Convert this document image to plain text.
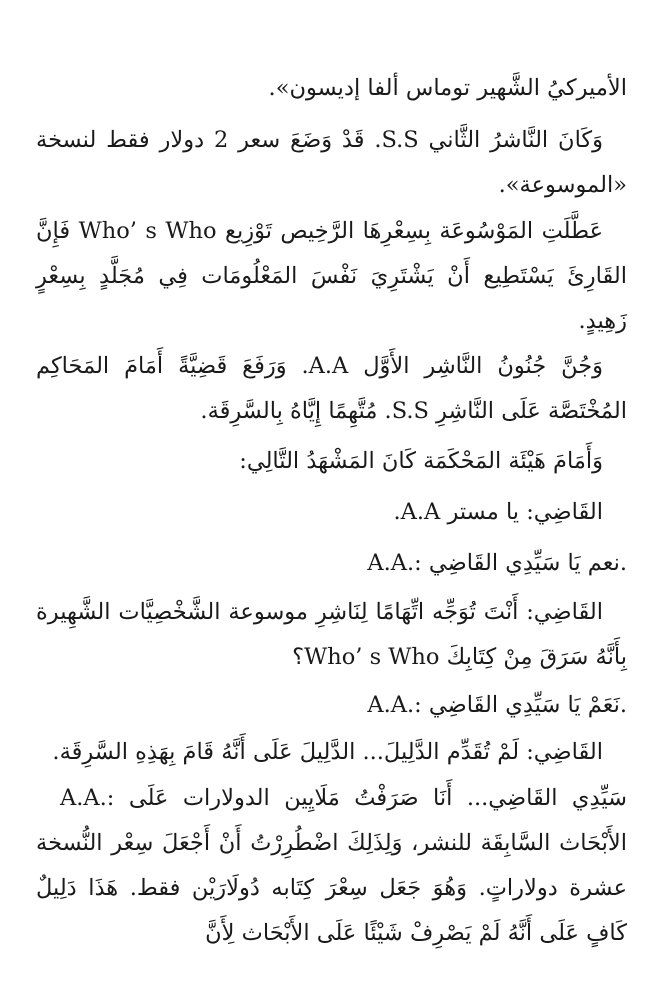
الأميركيُ الشَّهير توماس ألفا إديسون».

وَكَانَ النَّاشرُ الثَّاني S.S. قَدْ وَضَعَ سعر 2 دولار فقط لنسخة «الموسوعة».

عَطَّلَتِ المَوْسُوعَة بِسِعْرِهَا الرَّخِيص تَوْزِيع Who’ s Who فَإِنَّ القَارِئَ يَسْتَطِيع أَنْ يَشْتَرِيَ نَفْسَ المَعْلُومَات فِي مُجَلَّدٍ بِسِعْرٍ زَهِيدٍ.

وَجُنَّ جُنُونُ النَّاشِر الأَوَّل A.A. وَرَفَعَ قَضِيَّةً أَمَامَ المَحَاكِم المُخْتَصَّة عَلَى النَّاشِرِ S.S. مُتَّهِمًا إِيَّاهُ بِالسَّرِقَة.

وَأَمَامَ هَيْئَة المَحْكَمَة كَانَ المَشْهَدُ التَّالِي:

القَاضِي: يا مستر A.A.

A.A.: نعم يَا سَيِّدِي القَاضِي.

القَاضِي: أَنْتَ تُوَجِّه اتِّهَامًا لِنَاشِرِ موسوعة الشَّخْصِيَّات الشَّهِيرة بِأَنَّهُ سَرَقَ مِنْ كِتَابِكَ Who’ s Who؟

A.A.: نَعَمْ يَا سَيِّدِي القَاضِي.

القَاضِي: لَمْ تُقَدِّم الدَّلِيلَ... الدَّلِيلَ عَلَى أَنَّهُ قَامَ بِهَذِهِ السَّرِقَة.

A.A.: سَيِّدِي القَاضِي... أَنَا صَرَفْتُ مَلَايِين الدولارات عَلَى الأَبْحَاث السَّابِقَة للنشر، وَلِذَلِكَ اضْطُرِرْتُ أَنْ أَجْعَلَ سِعْر النُّسخة عشرة دولاراتٍ. وَهُوَ جَعَل سِعْرَ كِتَابه دُولَارَيْن فقط. هَذَا دَلِيلٌ كَافٍ عَلَى أَنَّهُ لَمْ يَصْرِفْ شَيْئًا عَلَى الأَبْحَاث لِأَنَّ
